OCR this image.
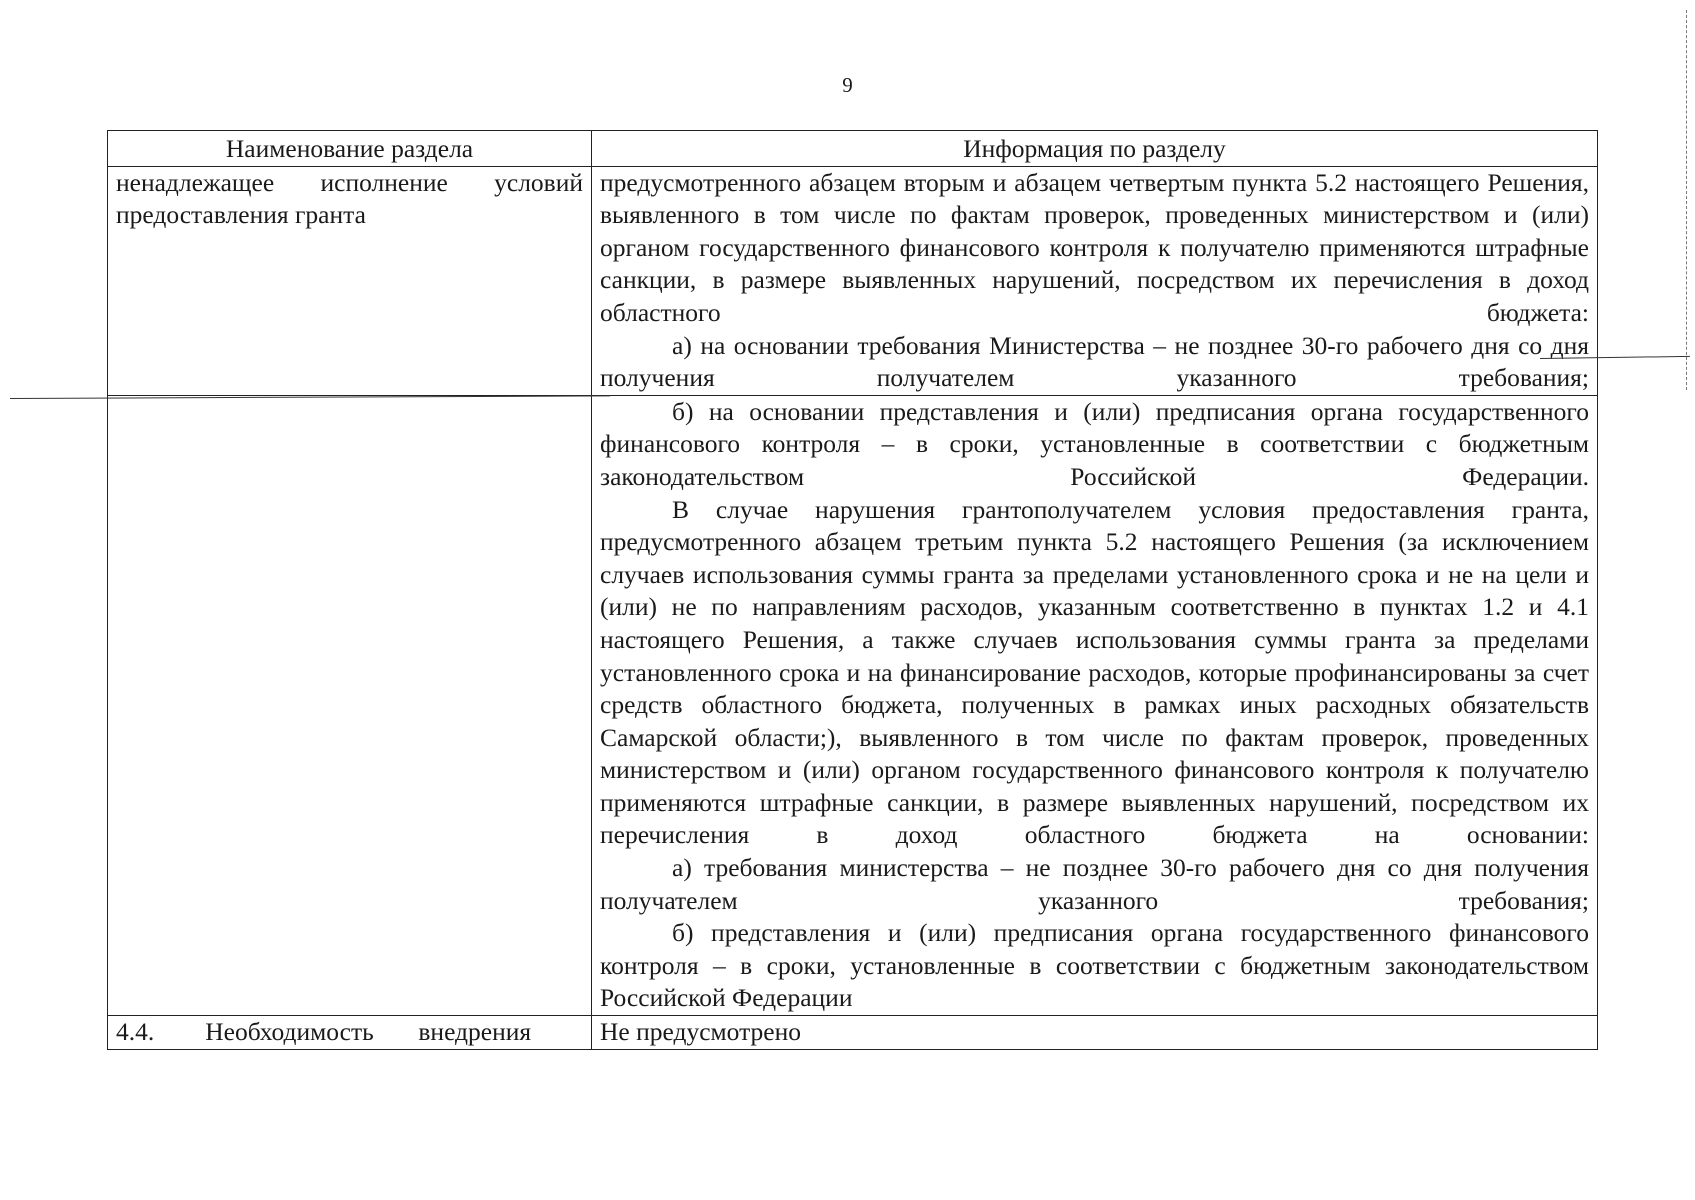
9
Наименование раздела	Информация по разделу

ненадлежащее исполнение условий предоставления гранта	предусмотренного абзацем вторым и абзацем четвертым пункта 5.2 настоящего Решения, выявленного в том числе по фактам проверок, проведенных министерством и (или) органом государственного финансового контроля к получателю применяются штрафные санкции, в размере выявленных нарушений, посредством их перечисления в доход областного бюджета:

а) на основании требования Министерства – не позднее 30-го рабочего дня со дня получения получателем указанного требования;

	б) на основании представления и (или) предписания органа государственного финансового контроля – в сроки, установленные в соответствии с бюджетным законодательством Российской Федерации.

В случае нарушения грантополучателем условия предоставления гранта, предусмотренного абзацем третьим пункта 5.2 настоящего Решения (за исключением случаев использования суммы гранта за пределами установленного срока и не на цели и (или) не по направлениям расходов, указанным соответственно в пунктах 1.2 и 4.1 настоящего Решения, а также случаев использования суммы гранта за пределами установленного срока и на финансирование расходов, которые профинансированы за счет средств областного бюджета, полученных в рамках иных расходных обязательств Самарской области;), выявленного в том числе по фактам проверок, проведенных министерством и (или) органом государственного финансового контроля к получателю применяются штрафные санкции, в размере выявленных нарушений, посредством их перечисления в доход областного бюджета на основании:

а) требования министерства – не позднее 30-го рабочего дня со дня получения получателем указанного требования;

б) представления и (или) предписания органа государственного финансового контроля – в сроки, установленные в соответствии с бюджетным законодательством Российской Федерации

4.4.        Необходимость       внедрения	Не предусмотрено
